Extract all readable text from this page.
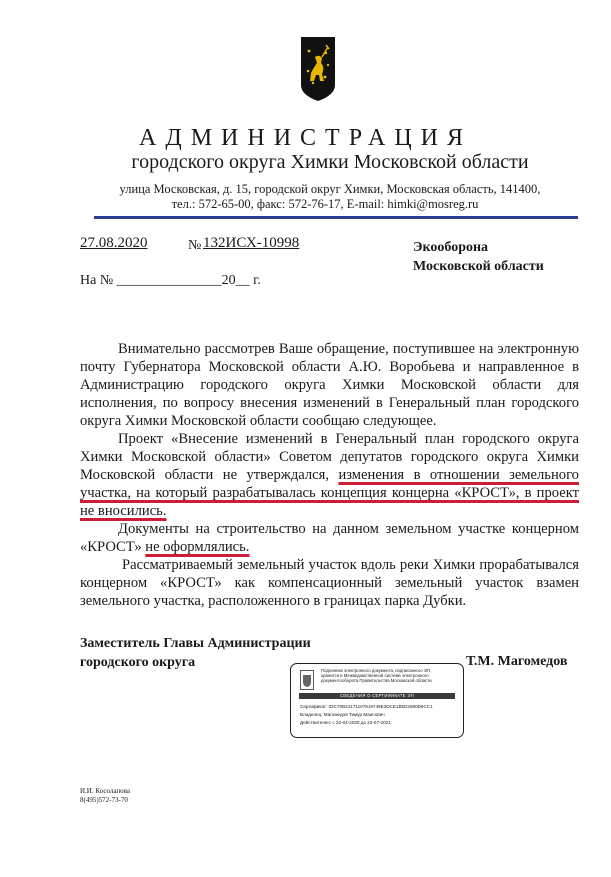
АДМИНИСТРАЦИЯ
городского округа Химки Московской области
улица Московская, д. 15, городской округ Химки, Московская область, 141400,
тел.: 572-65-00, факс: 572-76-17, E-mail: himki@mosreg.ru
27.08.2020	№ 132ИСХ-10998	Экооборона
Московской области
На № _______________20__ г.

Внимательно рассмотрев Ваше обращение, поступившее на электронную почту Губернатора Московской области А.Ю. Воробьева и направленное в Администрацию городского округа Химки Московской области для исполнения, по вопросу внесения изменений в Генеральный план городского округа Химки Московской области сообщаю следующее.

Проект «Внесение изменений в Генеральный план городского округа Химки Московской области» Советом депутатов городского округа Химки Московской области не утверждался, изменения в отношении земельного участка, на который разрабатывалась концепция концерна «КРОСТ», в проект не вносились.

Документы на строительство на данном земельном участке концерном «КРОСТ» не оформлялись.

Рассматриваемый земельный участок вдоль реки Химки прорабатывался концерном «КРОСТ» как компенсационный земельный участок взамен земельного участка, расположенного в границах парка Дубки.

Заместитель Главы Администрации
городского округа	Т.М. Магомедов
Подлинник электронного документа, подписанного ЭП,
хранится в Межведомственной системе электронного
документооборота Правительства Московской области
СВЕДЕНИЯ О СЕРТИФИКАТЕ ЭП
Сертификат: 02C70B24171107819749E3DCE1B5D2580D9CC1
Владелец: Магомедов Тимур Маисович
Действителен: с 22-04-2020 до 22-07-2021
И.И. Косолапова
8(495)572-73-70
